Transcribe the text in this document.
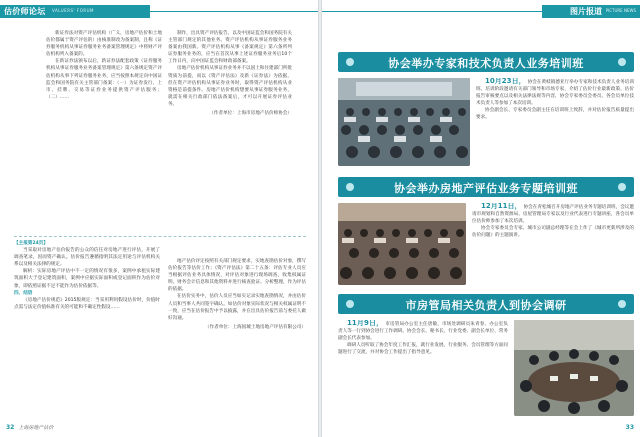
估价师论坛 VALUERS' FORUM

新证券法对资产评估机构（广义，房地产估价和土地估价都属于资产评估的）由核准制改为备案制，且称《证券服务机构从事证券服务业务备案管理规定》中将财产评估机构列入备案的。

在新证券法颁布以后，新证券法配套政策《证券服务机构从事证券服务业务备案管理规定》第六条规定资产评估机构从事下列证券服务业务，应当按照本规定向中国证监会和国务院有关主管部门备案：（一）为证券发行、上市、挂牌、交易等证券业务提供资产评估服务；（二）……

制作，出具资产评估报告。以及中国证监会和国务院有关主管部门规定的其他业务。资产评估机构从事证券服务业务备案由我国新。资产评估机构从事《备案规定》第六条所列证券服务业务的，应当在首次从事上述证券服务业务后10个工作日内，向中国证监会和财政部备案。

房地产估价机构从事证券业务并不以国土和住建部门所批资质为前提，而以《资产评估法》及新《证券法》为依据，但在资产评估机构从事证券业务时，取得资产评估机构从业资格是前提条件。房地产估价机构想要从事证券服务业务，就需在相关行政部门依法备案后，才可以开展证券评估业务。

（作者单位：上海市房地产估价师协会）

【主报第24页】

当采取对房地产估价报告的公众的信任对房地产进行评估，开展了调查笔录，因而资产确认。估价报告遵循指明其法定用途与评估机构关系以及相关法律的规定。

解析：实际房地产评估中不一定的情况有很多，案例中承租实际建筑面积大于登记建筑面积，案例中应据实际面积或登记面积作为估价对象，即依照证据不足不能作为估价依据等。

四、结语

《房地产估价规范》2015版规定：当采用利用假设估价时，价值时点需与法定价值标准有关的可能和不确定性假设……

地产估价评定按照有关部门规定要求，实地查勘估价对象，撰写估价报告等估价工作；《资产评估法》第二十五条：评估专业人员应当根据评估业务具体情况，对评估对象进行现场调查，收集权属证明、财务会计信息和其他资料并进行核查验证、分析整理，作为评估的依据。

在估价实务中，估价人员应当如实记录实地查勘情况，并由估价人员和当事人共同签字确认。如估价对象实际状况与相关权属证明不一致，应当在估价报告中予以披露，并在出具估价报告前与委托人做好沟通。

（作者单位：上海国城土地房地产评估有限公司）

32 上海房地产估价
图片报道 PICTURE NEWS
协会举办专家和技术负责人业务培训班

10月23日， 协会在黄岐镇德亚厅举办专家和技术负责人业务培训班。培训阶段邀请有关部门领导和市场专家，介绍了估价行业最新政策、估价报告审核要点以及相关法律法规等内容，协会专家委员会委员、各会员单位技术负责人等参加了本次培训。

协会副会长、专家委员会副主任在培训班上致辞，并对估价报告质量提出要求。

协会举办房地产评估业务专题培训班

12月11日， 协会在青松城召开房地产评估业务专题培训班，会议邀请市规划和自然资源局、房屋管理局专家以及行业代表进行专题讲座，各会员单位估价师参加了本次培训。

协会专家委员会专家、城市公司副总经理等在会上作了《城市更新所涉及的估价问题》的主题演讲。

市房管局相关负责人到协会调研

11月9日， 市房管局办公室主任唐敏、市场处调研员朱青春、办公室负责人等一行到协会进行工作调研。协会会长、秘书长、行业党委、副会长单位、常务副会长代表参加。

调研人员听取了协会年度工作汇报，就行业发展、行业服务、会员管理等方面问题进行了交流，并对协会工作提出了指导意见。

33
